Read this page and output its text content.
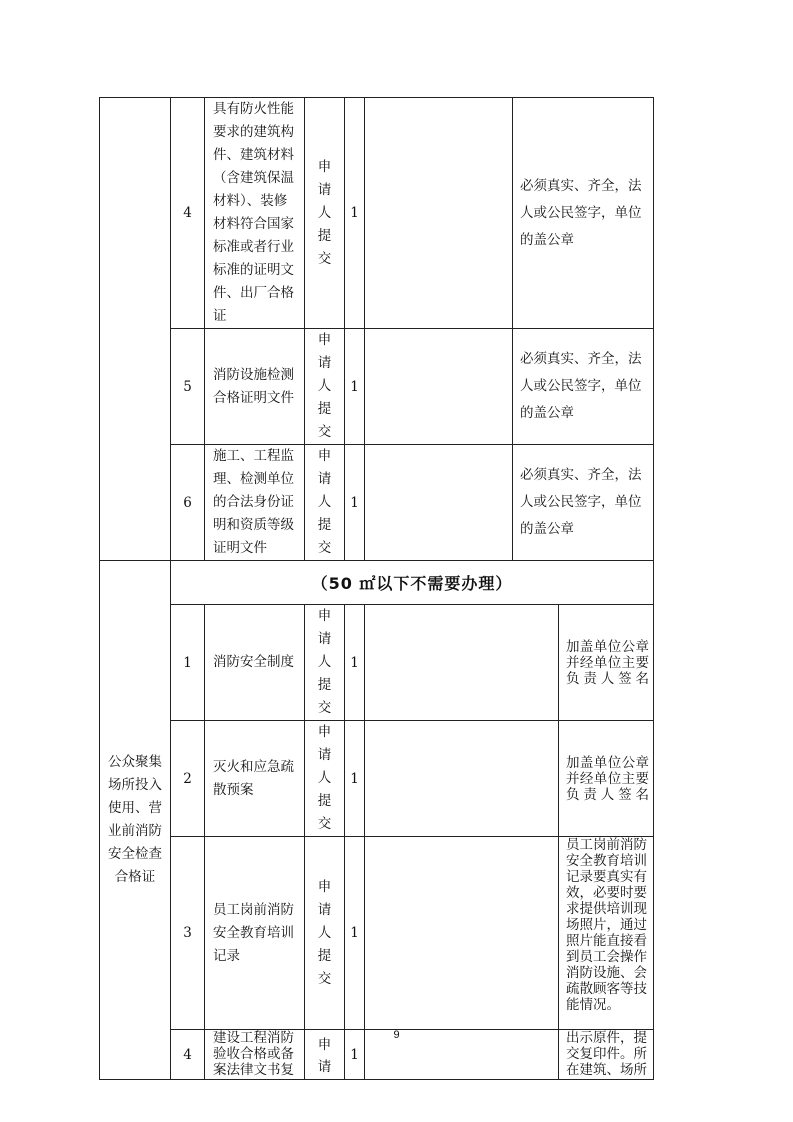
	4	具有防火性能要求的建筑构件、建筑材料（含建筑保温材料）、装修材料符合国家标准或者行业标准的证明文件、出厂合格证	申请人提交	1		必须真实、齐全，法人或公民签字，单位的盖公章	
	5	消防设施检测合格证明文件	申请人提交	1		必须真实、齐全，法人或公民签字，单位的盖公章	
	6	施工、工程监理、检测单位的合法身份证明和资质等级证明文件	申请人提交	1		必须真实、齐全，法人或公民签字，单位的盖公章	

公众聚集场所投入使用、营业前消防安全检查合格证	（50 ㎡以下不需要办理）						
	1	消防安全制度	申请人提交	1			加盖单位公章并经单位主要负责人签名
	2	灭火和应急疏散预案	申请人提交	1			加盖单位公章并经单位主要负责人签名
	3	员工岗前消防安全教育培训记录	申请人提交	1			员工岗前消防安全教育培训记录要真实有效，必要时要求提供培训现场照片，通过照片能直接看到员工会操作消防设施、会疏散顾客等技能情况。
	4	建设工程消防验收合格或备案法律文书复	申请	1			出示原件，提交复印件。所在建筑、场所
9
